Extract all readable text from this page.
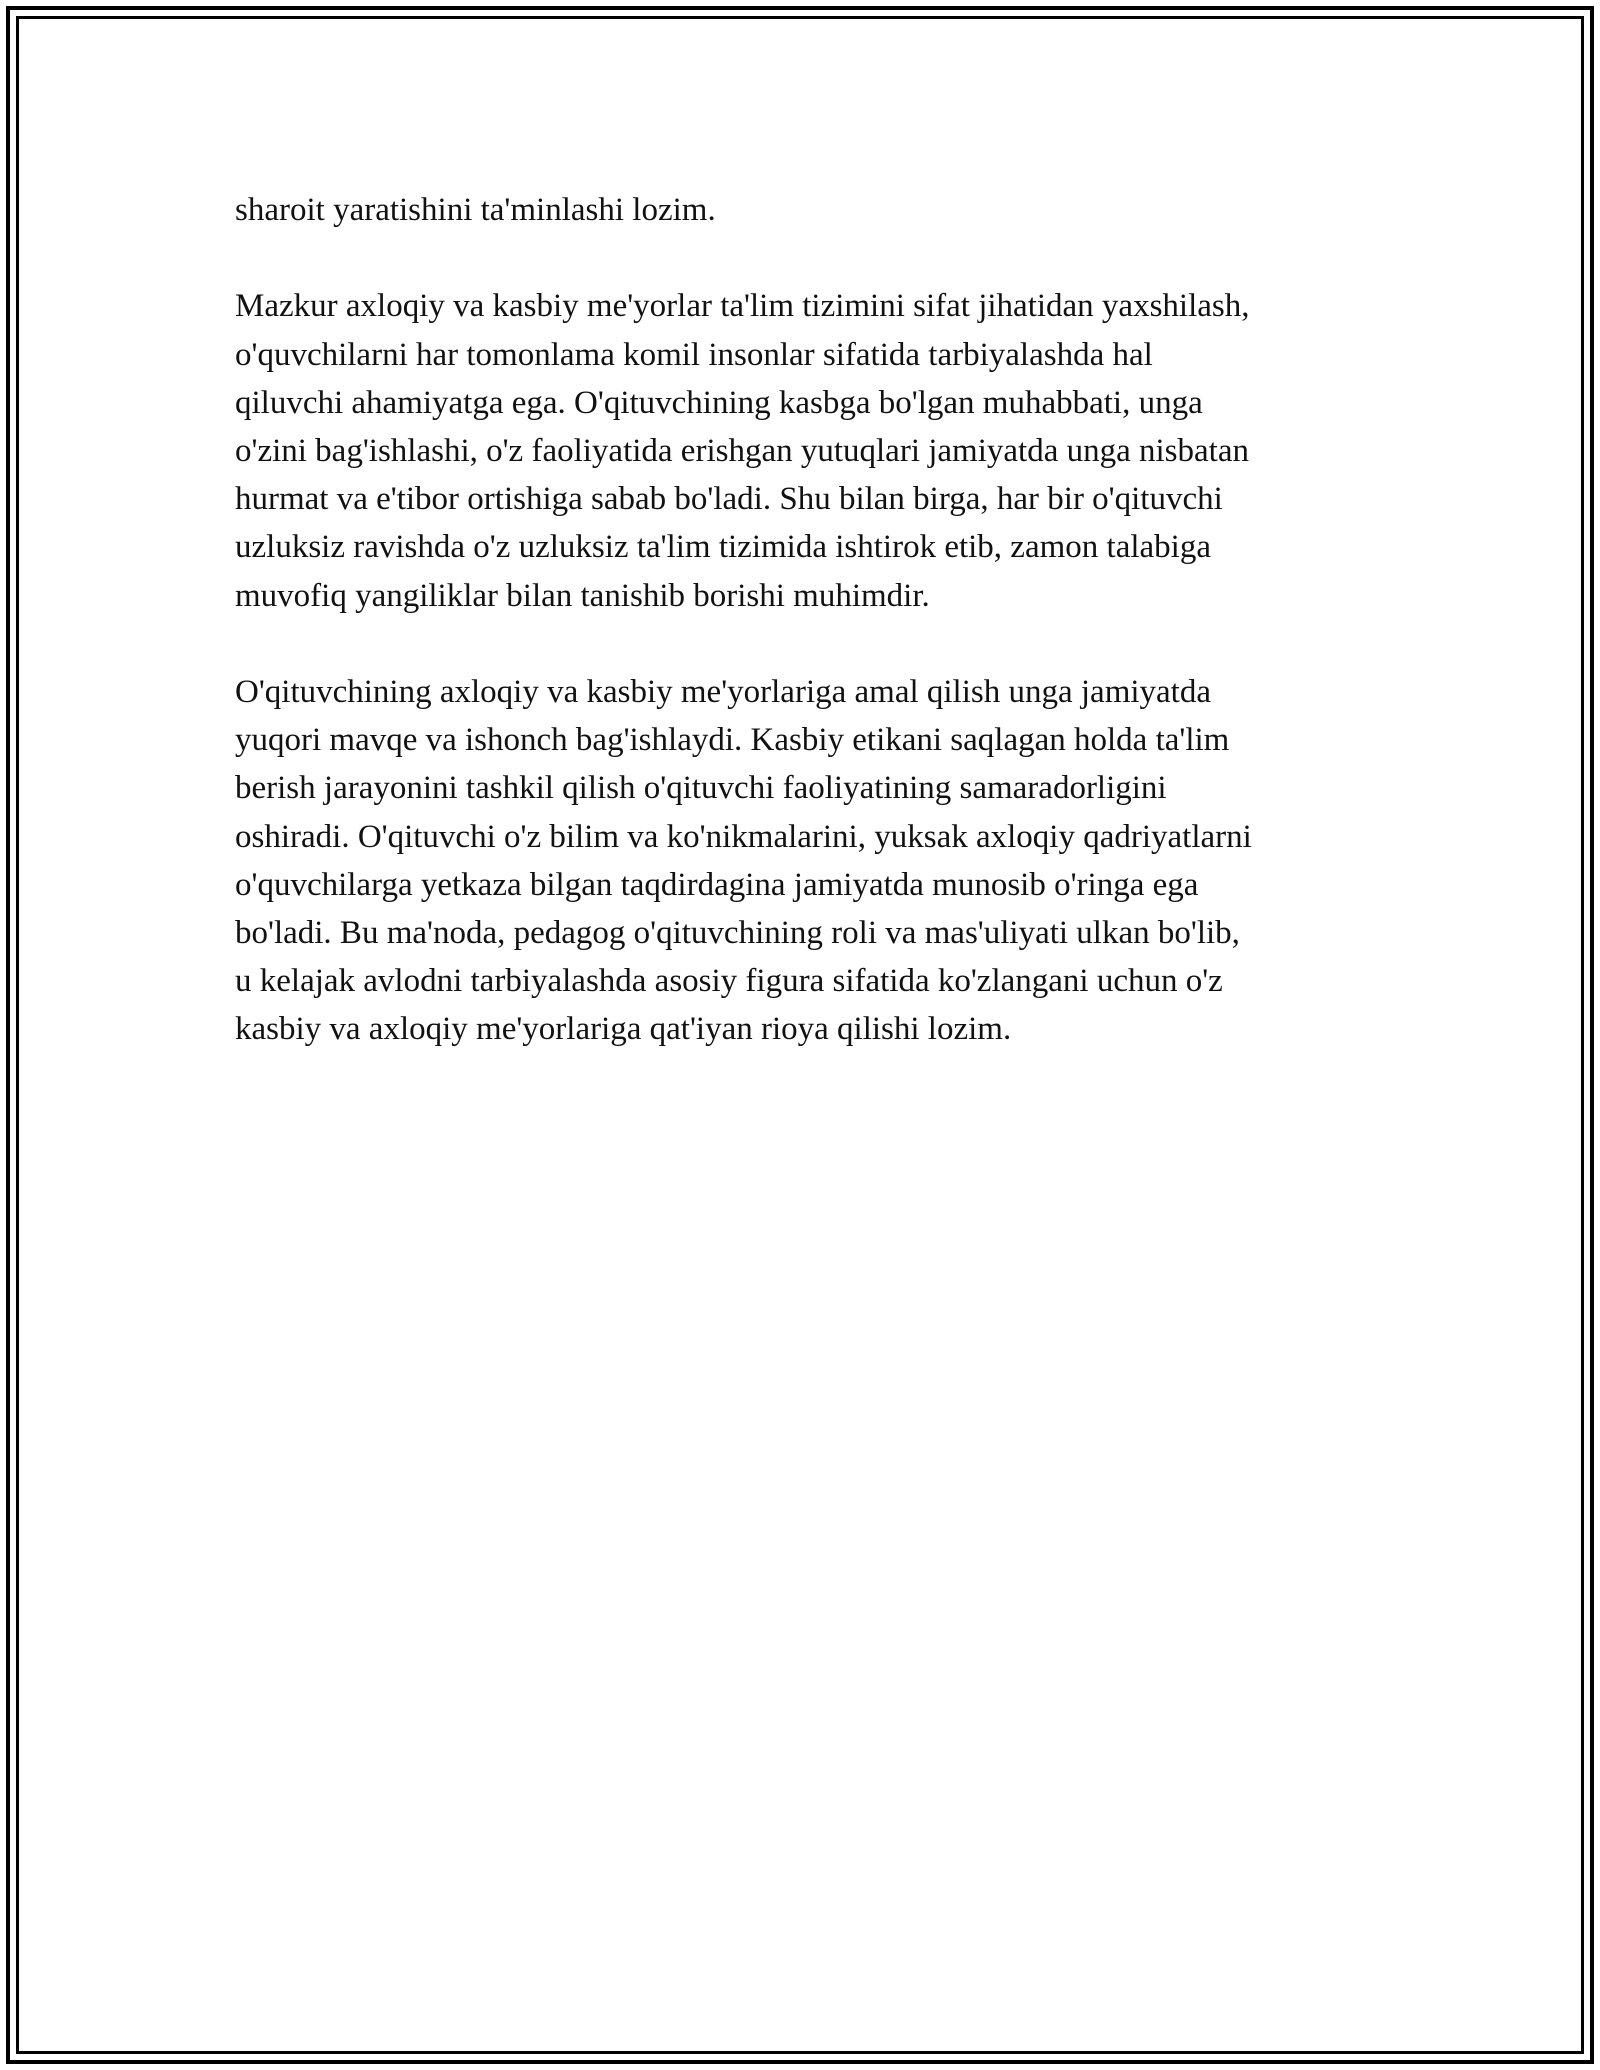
sharoit yaratishini ta'minlashi lozim.

Mazkur axloqiy va kasbiy me'yorlar ta'lim tizimini sifat jihatidan yaxshilash,
o'quvchilarni har tomonlama komil insonlar sifatida tarbiyalashda hal
qiluvchi ahamiyatga ega. O'qituvchining kasbga bo'lgan muhabbati, unga
o'zini bag'ishlashi, o'z faoliyatida erishgan yutuqlari jamiyatda unga nisbatan
hurmat va e'tibor ortishiga sabab bo'ladi. Shu bilan birga, har bir o'qituvchi
uzluksiz ravishda o'z uzluksiz ta'lim tizimida ishtirok etib, zamon talabiga
muvofiq yangiliklar bilan tanishib borishi muhimdir.

O'qituvchining axloqiy va kasbiy me'yorlariga amal qilish unga jamiyatda
yuqori mavqe va ishonch bag'ishlaydi. Kasbiy etikani saqlagan holda ta'lim
berish jarayonini tashkil qilish o'qituvchi faoliyatining samaradorligini
oshiradi. O'qituvchi o'z bilim va ko'nikmalarini, yuksak axloqiy qadriyatlarni
o'quvchilarga yetkaza bilgan taqdirdagina jamiyatda munosib o'ringa ega
bo'ladi. Bu ma'noda, pedagog o'qituvchining roli va mas'uliyati ulkan bo'lib,
u kelajak avlodni tarbiyalashda asosiy figura sifatida ko'zlangani uchun o'z
kasbiy va axloqiy me'yorlariga qat'iyan rioya qilishi lozim.
